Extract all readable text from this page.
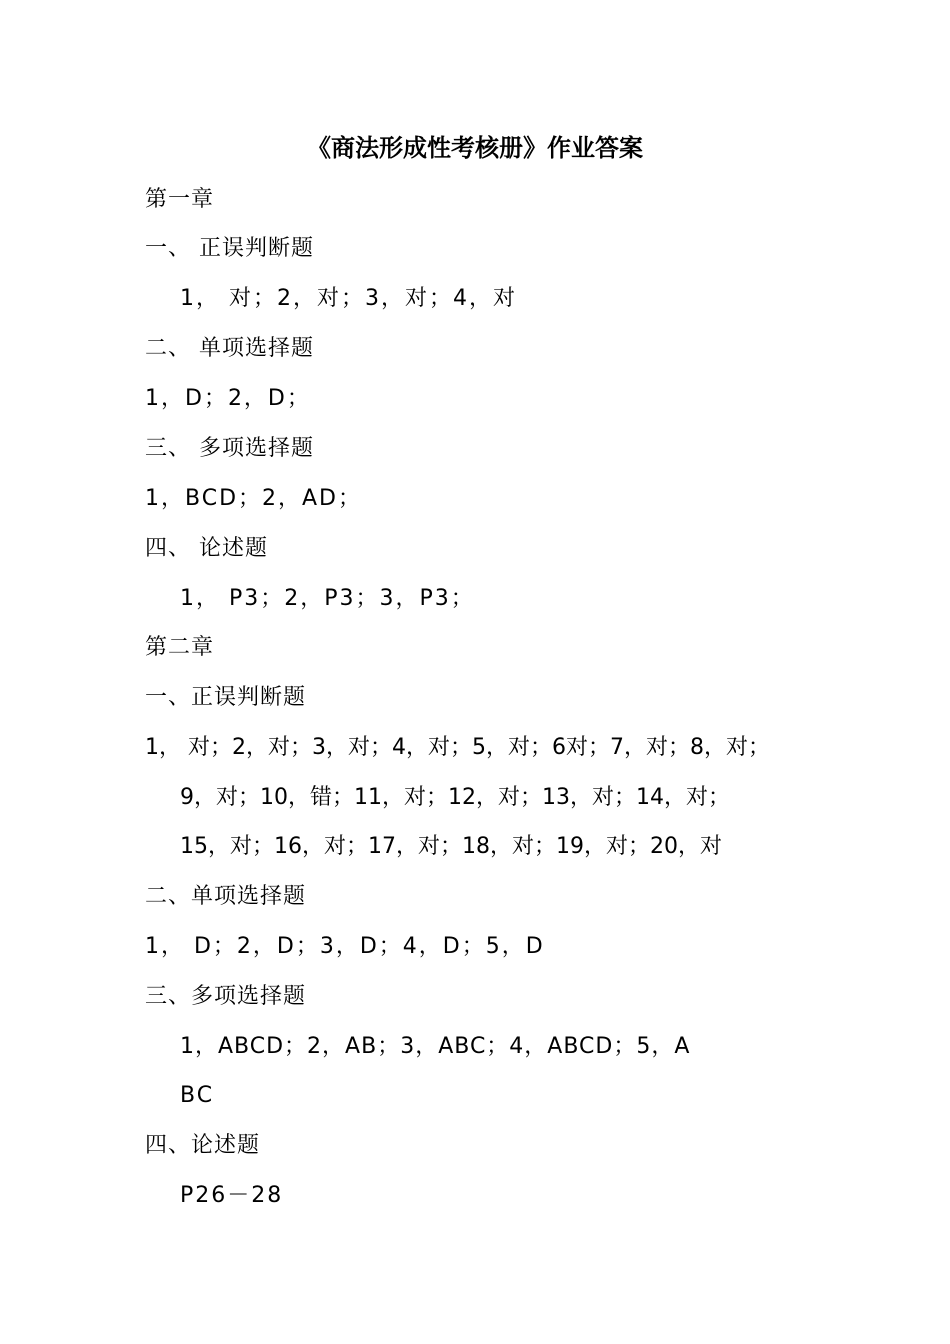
《商法形成性考核册》作业答案
第一章
一、 正误判断题
1， 对；2，对；3，对；4，对
二、 单项选择题
1，D；2，D；
三、 多项选择题
1，BCD；2，AD；
四、 论述题
1， P3；2，P3；3，P3；
第二章
一、正误判断题
1， 对；2，对；3，对；4，对；5，对；6对；7，对；8，对；
9，对；10，错；11，对；12，对；13，对；14，对；
15，对；16，对；17，对；18，对；19，对；20，对
二、单项选择题
1， D；2，D；3，D；4，D；5，D
三、多项选择题
1，ABCD；2，AB；3，ABC；4，ABCD；5，A
BC
四、论述题
P26－28
